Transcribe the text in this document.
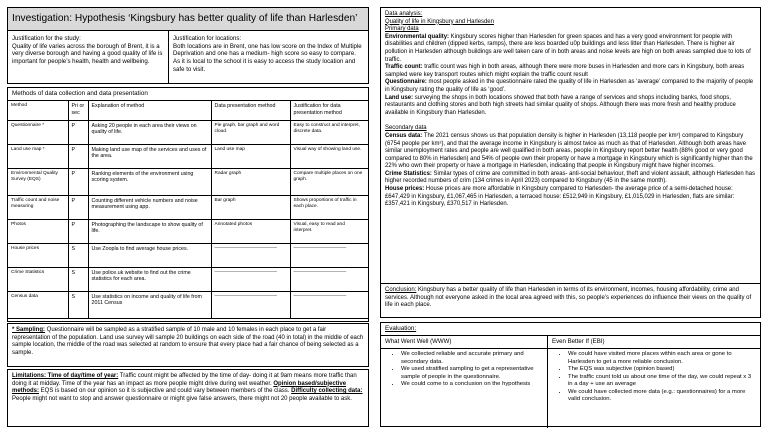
Investigation: Hypothesis ‘Kingsbury has better quality of life than Harlesden’
Justification for the study:
Quality of life varies across the borough of Brent, it is a very diverse borough and having a good quality of life is important for people’s health, health and wellbeing.
Justification for locations:
Both locations are in Brent, one has low score on the Index of Multiple Deprivation and one has a medium- high score so easy to compare. As it is local to the school it is easy to access the study location and safe to visit.
Methods of data collection and data presentation
Method	Pri or sec	Explanation of method	Data presentation method	Justification for data presentation method
Questionnaire *	P	Asking 20 people in each area their views on quality of life.	Pie graph, bar graph and word cloud.	Easy to construct and interpret, discrete data.
Land use map *	P	Making land use map of the services and uses of the area.	Land use map	Visual way of showing land use.
Environmental Quality Survey (EQS)	P	Ranking elements of the environment using scoring system.	Radar graph	Compare multiple places on one graph.
Traffic count and noise measuring	P	Counting different vehicle numbers and noise measurement using app.	Bar graph	Shows proportions of traffic in each place.
Photos	P	Photographing the landscape to show quality of life.	Annotated photos	Visual, easy to read and interpret.
House prices	S	Use Zoopla to find average house prices.	—————————————	———————————
Crime Statistics	S	Use police.uk website to find out the crime statistics for each area.	—————————————	———————————
Census data	S	Use statistics on income and quality of life from 2011 Census	—————————————	———————————
* Sampling: Questionnaire will be sampled as a stratified sample of 10 male and 10 females in each place to get a fair representation of the population. Land use survey will sample 20 buildings on each side of the road (40 in total) in the middle of each sample location, the middle of the road was selected at random to ensure that every place had a fair chance of being selected as a sample.
Limitations: Time of day/time of year: Traffic count might be affected by the time of day- doing it at 9am means more traffic than doing it at midday. Time of the year has an impact as more people might drive during wet weather. Opinion based/subjective methods: EQS is based on our opinion so it is subjective and could vary between members of the class. Difficulty collecting data: People might not want to stop and answer questionnaire or might give false answers, there might not 20 people available to ask.

Data analysis:

Quality of life in Kingsbury and Harlesden

Primary data

Environmental quality: Kingsbury scores higher than Harlesden for green spaces and has a very good environment for people with disabilities and children (dipped kerbs, ramps), there are less boarded u0p buildings and less litter than Harlesden. There is higher air pollution in Harlesden although buildings are well taken care of in both areas and noise levels are high on both areas sampled due to lots of traffic.

Traffic count: traffic count was high in both areas, although there were more buses in Harlesden and more cars in Kingsbury, both areas sampled were key transport routes which might explain the traffic count result

Questionnaire: most people asked in the questionnaire rated the quality of life in Harlesden as ‘average’ compared to the majority of people in Kingsbury rating the quality of life as ‘good’.

Land use: surveying the shops in both locations showed that both have a range of services and shops including banks, food shops, restaurants and clothing stores and both high streets had similar quality of shops. Although there was more fresh and healthy produce available in Kingsbury than Harlesden.

Secondary data

Census data: The 2021 census shows us that population density is higher in Harlesden (13,118 people per km²) compared to Kingsbury (6754 people per km²), and that the average income in Kingsbury is almost twice as much as that of Harlesden. Although both areas have similar unemployment rates and people are well qualified in both areas, people in Kingsbury report better health (88% good or very good compared to 80% in Harlesden) and 54% of people own their property or have a mortgage in Kingsbury which is significantly higher than the 22% who own their property or have a mortgage in Harlesden, indicating that people in Kingsbury might have higher incomes.

Crime Statistics: Similar types of crime are committed in both areas- anti-social behaviour, theft and violent assault, although Harlesden has higher recorded numbers of crim (134 crimes in April 2023) compared to Kingsbury (45 in the same month).

House prices: House prices are more affordable in Kingsbury compared to Harlesden- the average price of a semi-detached house: £647,429 in Kingsbury, £1,067,465 in Harlesden, a terraced house: £512,949 in Kingsbury, £1,015,029 in Harlesden, flats are similar: £357,421 in Kingsbury, £370,517 in Harlesden.

Conclusion: Kingsbury has a better quality of life than Harlesden in terms of its environment, incomes, housing affordability, crime and services. Although not everyone asked in the local area agreed with this, so people’s experiences do influence their views on the quality of life in each place.
Evaluation:
What Went Well (WWW)
• We collected reliable and accurate primary and secondary data.
• We used stratified sampling to get a representative sample of people in the questionnaire.
• We could come to a conclusion on the hypothesis
Even Better If (EBI)
• We could have visited more places within each area or gone to Harlesden to get a more reliable conclusion.
• The EQS was subjective (opinion based)
• The traffic count told us about one time of the day, we could repeat x 3 in a day + use an average
• We could have collected more data (e.g.: questionnaires) for a more valid conclusion.
